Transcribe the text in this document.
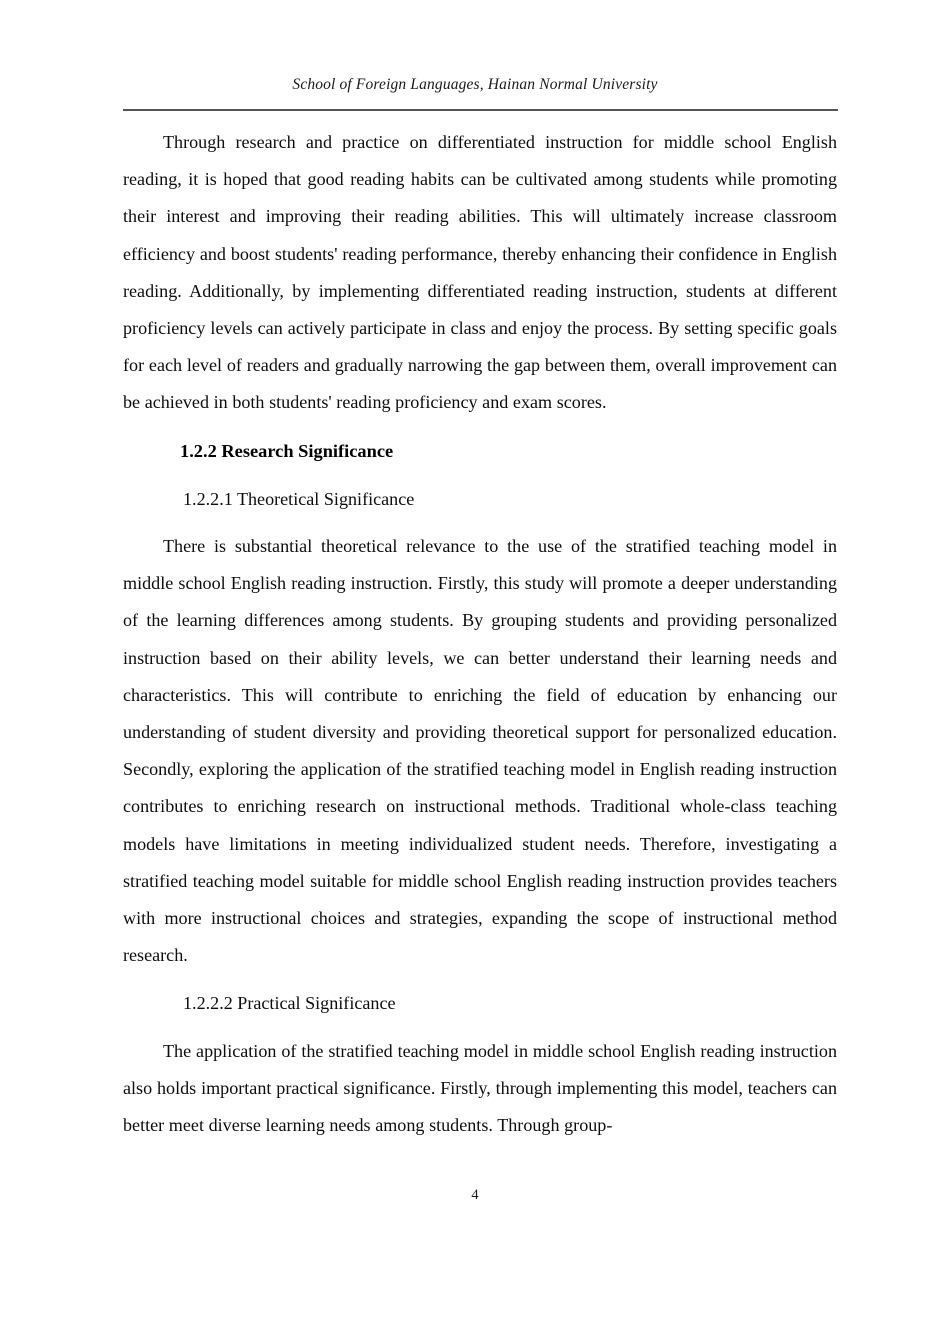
School of Foreign Languages, Hainan Normal University

Through research and practice on differentiated instruction for middle school English reading, it is hoped that good reading habits can be cultivated among students while promoting their interest and improving their reading abilities. This will ultimately increase classroom efficiency and boost students' reading performance, thereby enhancing their confidence in English reading. Additionally, by implementing differentiated reading instruction, students at different proficiency levels can actively participate in class and enjoy the process. By setting specific goals for each level of readers and gradually narrowing the gap between them, overall improvement can be achieved in both students' reading proficiency and exam scores.

1.2.2 Research Significance
1.2.2.1 Theoretical Significance

There is substantial theoretical relevance to the use of the stratified teaching model in middle school English reading instruction. Firstly, this study will promote a deeper understanding of the learning differences among students. By grouping students and providing personalized instruction based on their ability levels, we can better understand their learning needs and characteristics. This will contribute to enriching the field of education by enhancing our understanding of student diversity and providing theoretical support for personalized education. Secondly, exploring the application of the stratified teaching model in English reading instruction contributes to enriching research on instructional methods. Traditional whole-class teaching models have limitations in meeting individualized student needs. Therefore, investigating a stratified teaching model suitable for middle school English reading instruction provides teachers with more instructional choices and strategies, expanding the scope of instructional method research.

1.2.2.2 Practical Significance

The application of the stratified teaching model in middle school English reading instruction also holds important practical significance. Firstly, through implementing this model, teachers can better meet diverse learning needs among students. Through group-

4
